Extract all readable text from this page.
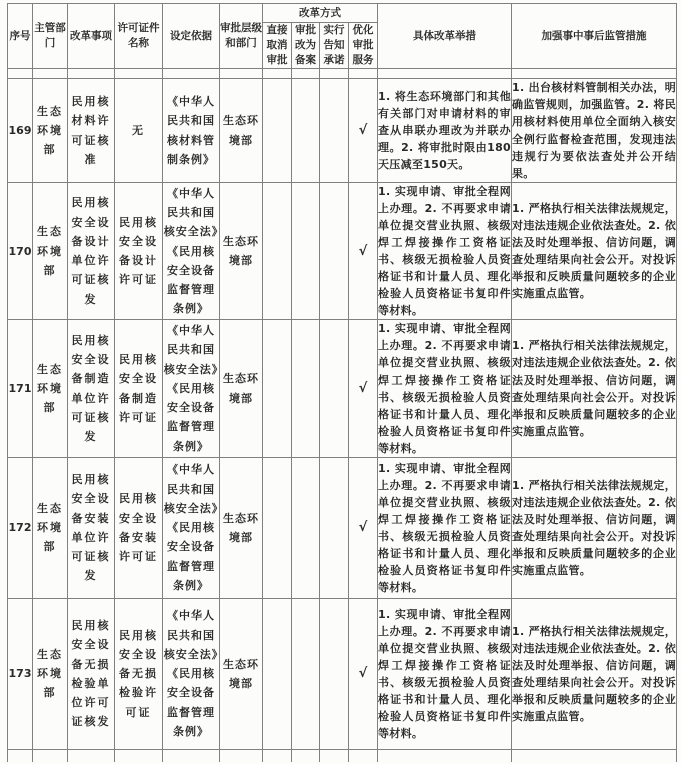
序号	主管部门	改革事项	许可证件名称	设定依据	审批层级和部门	改革方式				具体改革举措	加强事中事后监管措施
						直接取消审批	审批改为备案	实行告知承诺	优化审批服务		

169	生态环境部	民用核材料许可证核准	无	《中华人民共和国核材料管制条例》	生态环境部				√	1. 将生态环境部门和其他有关部门对申请材料的审查从串联办理改为并联办理。2. 将审批时限由180天压减至150天。	1. 出台核材料管制相关办法，明确监管规则，加强监管。2. 将民用核材料使用单位全面纳入核安全例行监督检查范围，发现违法违规行为要依法查处并公开结果。
170	生态环境部	民用核安全设备设计单位许可证核发	民用核安全设备设计许可证	《中华人民共和国核安全法》《民用核安全设备监督管理条例》	生态环境部				√	1. 实现申请、审批全程网上办理。2. 不再要求申请单位提交营业执照、核级焊工焊接操作工资格证书、核级无损检验人员资格证书和计量人员、理化检验人员资格证书复印件等材料。	1. 严格执行相关法律法规规定，对违法违规企业依法查处。2. 依法及时处理举报、信访问题，调查处理结果向社会公开。对投诉举报和反映质量问题较多的企业实施重点监管。
171	生态环境部	民用核安全设备制造单位许可证核发	民用核安全设备制造许可证	《中华人民共和国核安全法》《民用核安全设备监督管理条例》	生态环境部				√	1. 实现申请、审批全程网上办理。2. 不再要求申请单位提交营业执照、核级焊工焊接操作工资格证书、核级无损检验人员资格证书和计量人员、理化检验人员资格证书复印件等材料。	1. 严格执行相关法律法规规定，对违法违规企业依法查处。2. 依法及时处理举报、信访问题，调查处理结果向社会公开。对投诉举报和反映质量问题较多的企业实施重点监管。
172	生态环境部	民用核安全设备安装单位许可证核发	民用核安全设备安装许可证	《中华人民共和国核安全法》《民用核安全设备监督管理条例》	生态环境部				√	1. 实现申请、审批全程网上办理。2. 不再要求申请单位提交营业执照、核级焊工焊接操作工资格证书、核级无损检验人员资格证书和计量人员、理化检验人员资格证书复印件等材料。	1. 严格执行相关法律法规规定，对违法违规企业依法查处。2. 依法及时处理举报、信访问题，调查处理结果向社会公开。对投诉举报和反映质量问题较多的企业实施重点监管。
173	生态环境部	民用核安全设备无损检验单位许可证核发	民用核安全设备无损检验许可证	《中华人民共和国核安全法》《民用核安全设备监督管理条例》	生态环境部				√	1. 实现申请、审批全程网上办理。2. 不再要求申请单位提交营业执照、核级焊工焊接操作工资格证书、核级无损检验人员资格证书和计量人员、理化检验人员资格证书复印件等材料。	1. 严格执行相关法律法规规定，对违法违规企业依法查处。2. 依法及时处理举报、信访问题，调查处理结果向社会公开。对投诉举报和反映质量问题较多的企业实施重点监管。
